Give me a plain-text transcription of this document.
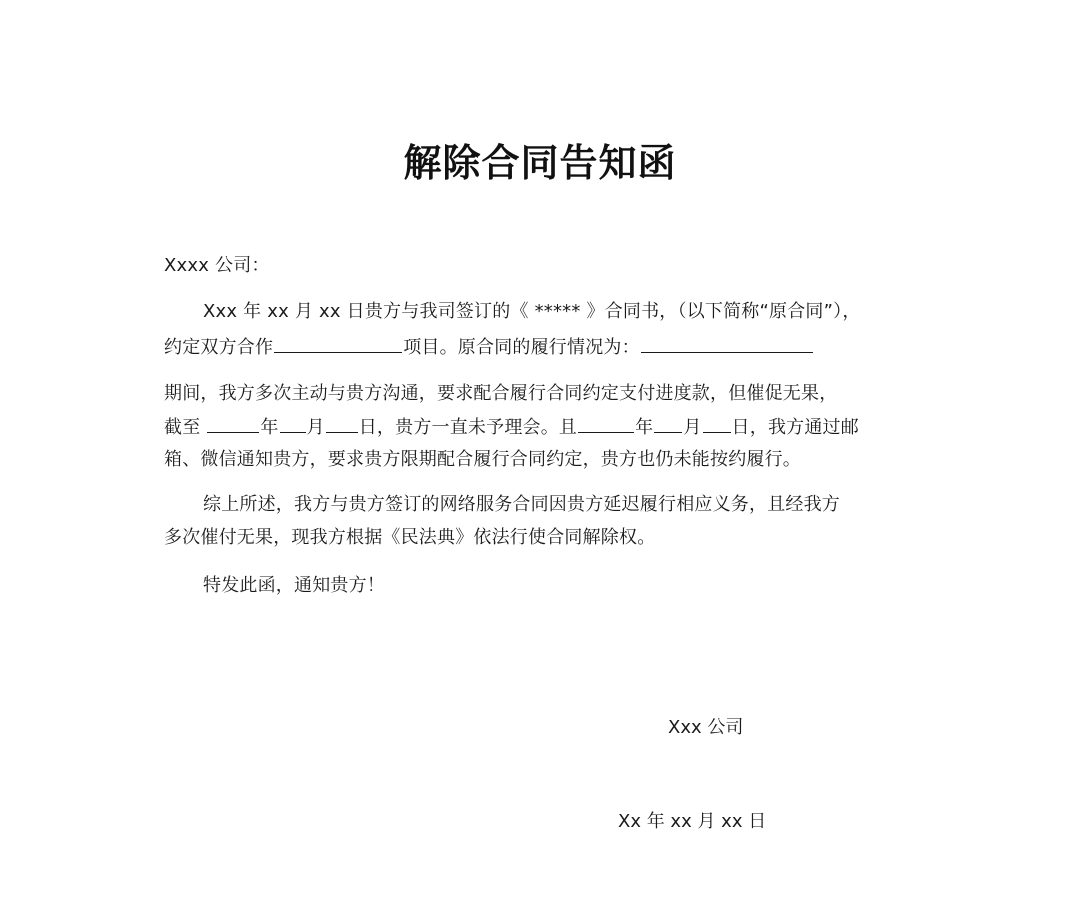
解除合同告知函
Xxxx 公司：
Xxx 年 xx 月 xx 日贵方与我司签订的《 ***** 》合同书，（以下简称“原合同”），
约定双方合作	项目。原合同的履行情况为：
期间，我方多次主动与贵方沟通，要求配合履行合同约定支付进度款，但催促无果，
截至	年 月 日，贵方一直未予理会。且	年 月 日，我方通过邮
箱、微信通知贵方，要求贵方限期配合履行合同约定，贵方也仍未能按约履行。
综上所述，我方与贵方签订的网络服务合同因贵方延迟履行相应义务，且经我方
多次催付无果，现我方根据《民法典》依法行使合同解除权。
特发此函，通知贵方！
Xxx 公司
Xx 年 xx 月 xx 日
